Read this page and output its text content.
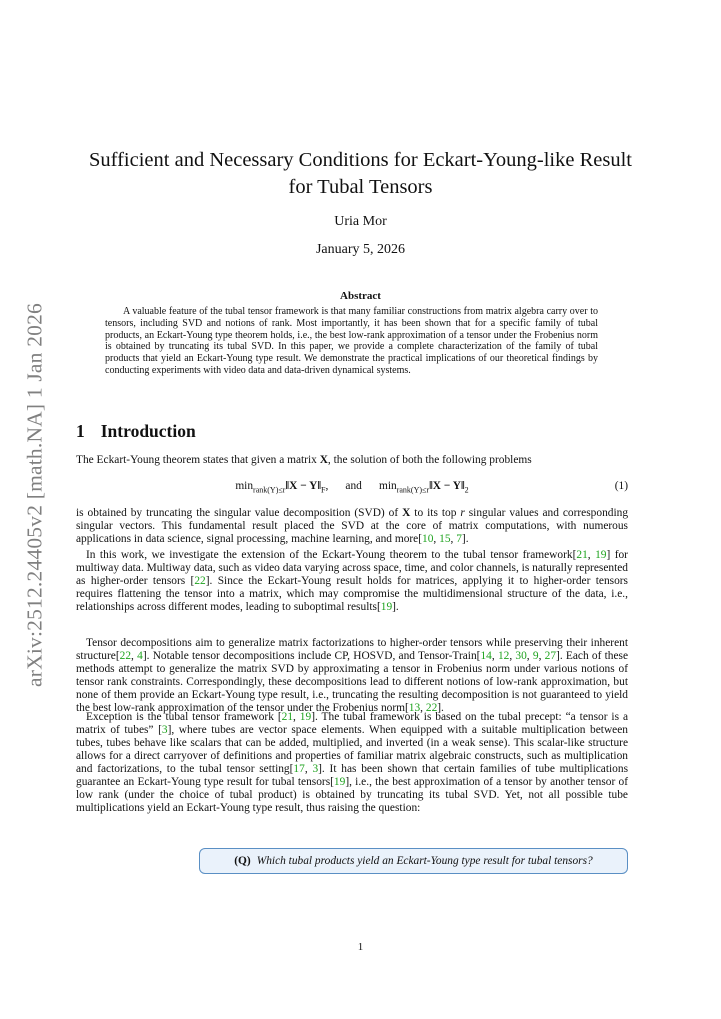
arXiv:2512.24405v2 [math.NA] 1 Jan 2026
Sufficient and Necessary Conditions for Eckart-Young-like Result for Tubal Tensors
Uria Mor
January 5, 2026
Abstract
A valuable feature of the tubal tensor framework is that many familiar constructions from matrix algebra carry over to tensors, including SVD and notions of rank. Most importantly, it has been shown that for a specific family of tubal products, an Eckart-Young type theorem holds, i.e., the best low-rank approximation of a tensor under the Frobenius norm is obtained by truncating its tubal SVD. In this paper, we provide a complete characterization of the family of tubal products that yield an Eckart-Young type result. We demonstrate the practical implications of our theoretical findings by conducting experiments with video data and data-driven dynamical systems.
1 Introduction
The Eckart-Young theorem states that given a matrix X, the solution of both the following problems
$\min_{rank(Y)\le r}‖X$ − $Y‖_F$,      and      $\min_{rank(Y)\le r}‖X$ − $Y‖_2$	(1)
is obtained by truncating the singular value decomposition (SVD) of X to its top r singular values and corresponding singular vectors. This fundamental result placed the SVD at the core of matrix computations, with numerous applications in data science, signal processing, machine learning, and more[10, 15, 7].
In this work, we investigate the extension of the Eckart-Young theorem to the tubal tensor framework[21, 19] for multiway data. Multiway data, such as video data varying across space, time, and color channels, is naturally represented as higher-order tensors [22]. Since the Eckart-Young result holds for matrices, applying it to higher-order tensors requires flattening the tensor into a matrix, which may compromise the multidimensional structure of the data, i.e., relationships across different modes, leading to suboptimal results[19].
Tensor decompositions aim to generalize matrix factorizations to higher-order tensors while preserving their inherent structure[22, 4]. Notable tensor decompositions include CP, HOSVD, and Tensor-Train[14, 12, 30, 9, 27]. Each of these methods attempt to generalize the matrix SVD by approximating a tensor in Frobenius norm under various notions of tensor rank constraints. Correspondingly, these decompositions lead to different notions of low-rank approximation, but none of them provide an Eckart-Young type result, i.e., truncating the resulting decomposition is not guaranteed to yield the best low-rank approximation of the tensor under the Frobenius norm[13, 22].
Exception is the tubal tensor framework [21, 19]. The tubal framework is based on the tubal precept: “a tensor is a matrix of tubes” [3], where tubes are vector space elements. When equipped with a suitable multiplication between tubes, tubes behave like scalars that can be added, multiplied, and inverted (in a weak sense). This scalar-like structure allows for a direct carryover of definitions and properties of familiar matrix algebraic constructs, such as multiplication and factorizations, to the tubal tensor setting[17, 3]. It has been shown that certain families of tube multiplications guarantee an Eckart-Young type result for tubal tensors[19], i.e., the best approximation of a tensor by another tensor of low rank (under the choice of tubal product) is obtained by truncating its tubal SVD. Yet, not all possible tube multiplications yield an Eckart-Young type result, thus raising the question:
(Q) Which tubal products yield an Eckart-Young type result for tubal tensors?
1
